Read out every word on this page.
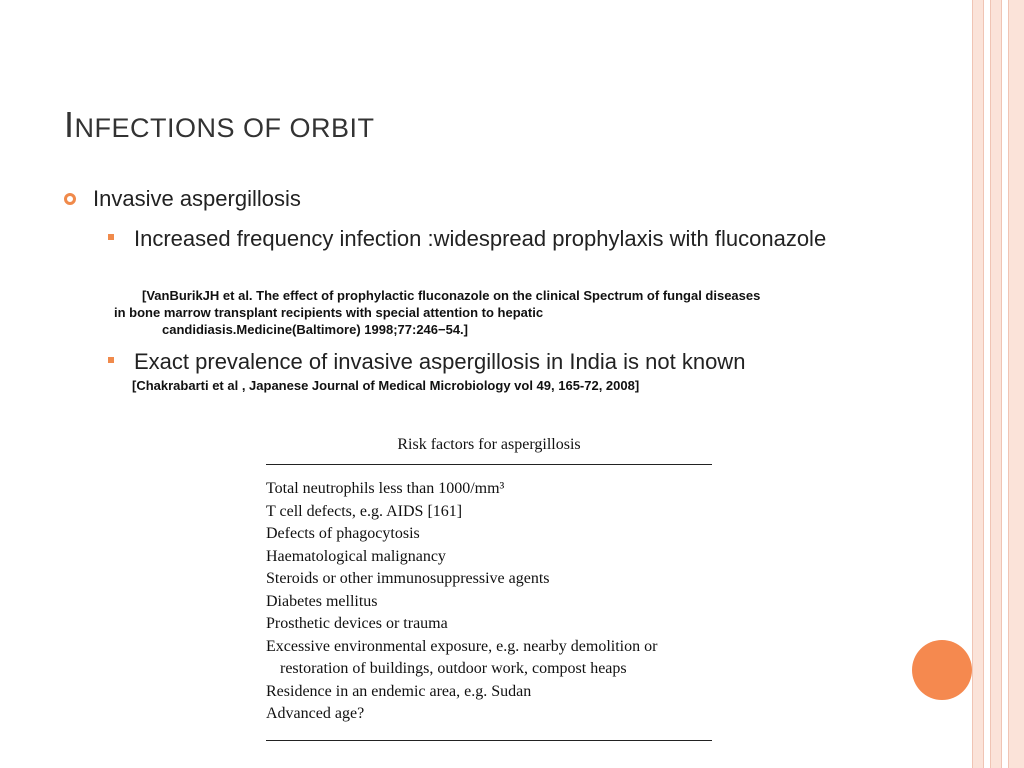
INFECTIONS OF ORBIT
Invasive aspergillosis
Increased frequency infection :widespread prophylaxis with fluconazole
[VanBurikJH et al. The effect of prophylactic fluconazole on the clinical Spectrum of fungal diseases
in bone marrow transplant recipients with special attention to hepatic
candidiasis.Medicine(Baltimore) 1998;77:246−54.]
Exact prevalence of invasive aspergillosis in India is not known
[Chakrabarti et al , Japanese Journal of Medical Microbiology vol 49, 165-72, 2008]
Risk factors for aspergillosis
Total neutrophils less than 1000/mm³
T cell defects, e.g. AIDS [161]
Defects of phagocytosis
Haematological malignancy
Steroids or other immunosuppressive agents
Diabetes mellitus
Prosthetic devices or trauma
Excessive environmental exposure, e.g. nearby demolition or
restoration of buildings, outdoor work, compost heaps
Residence in an endemic area, e.g. Sudan
Advanced age?
